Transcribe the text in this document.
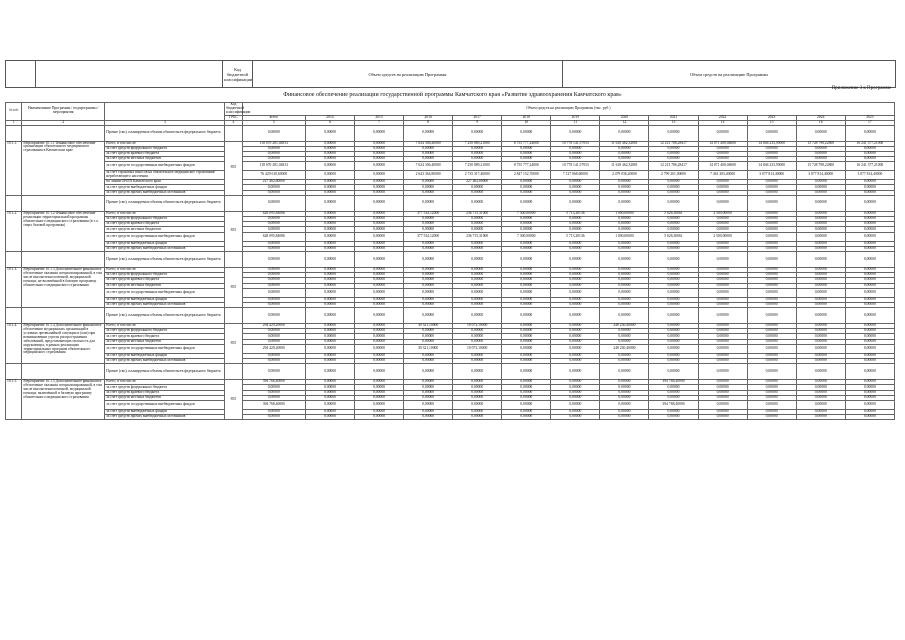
		Код бюджетной классификации	Объем средств на реализацию Программы	Объем средств на реализацию Программы
Приложение 3 к Программе
Финансовое обеспечение реализации государственной программы Камчатского края «Развитие здравоохранения Камчатского края»
№ п/п	Наименование Программы / подпрограммы / мероприятия		Код бюджетной классификации	Объем средств на реализацию Программы (тыс. руб.)												
			ГРБС	всего	2014	2015	2016	2017	2018	2019	2020	2021	2022	2023	2024	2025
1	2	3	4	5	6	7	8	9	10	11	12	13	14	15	16	17
		Прочие (сво), планируемые объемы обязательств федерального бюджета		0,00000	0,00000	0,00000	0,00000	0,00000	0,00000	0,00000	0,00000	0,00000	0,00000	0,00000	0,00000	0,00000
10.1.1.	Мероприятие 10.1.1 Финансовое обеспечение организации обязательного медицинского страхования в Камчатском крае	Всего, в том числе:	855	118 070 281,04813	0,00000	0,00000	7 624 306,40000	7 250 889,21000	8 755 777,24000	10 778 141,57933	11 618 462,32881	12 213 786,28417	14 071 400,04000	14 846 233,59000	15 728 798,22800	16 241 377,21000
		за счет средств федерального бюджета		0,00000	0,00000	0,00000	0,00000	0,00000	0,00000	0,00000	0,00000	0,00000	0,00000	0,00000	0,00000	0,00000
		за счет средств краевого бюджета		0,00000	0,00000	0,00000	0,00000	0,00000	0,00000	0,00000	0,00000	0,00000	0,00000	0,00000	0,00000	0,00000
		за счет средств местных бюджетов		0,00000	0,00000	0,00000	0,00000	0,00000	0,00000	0,00000	0,00000	0,00000	0,00000	0,00000	0,00000	0,00000
		за счет средств государственных внебюджетных фондов		118 070 281,04813	0,00000	0,00000	7 624 306,40000	7 250 889,21000	8 755 777,24000	10 778 141,57933	11 618 462,32881	12 213 786,28417	14 071 400,04000	14 846 233,59000	15 728 798,22800	16 241 377,21000
		за счет страховых взносов на обязательное медицинское страхование неработающего населения		76 429 618,60000	0,00000	0,00000	2 643 364,80000	2 735 317,40000	2 847 152,70000	7 127 068,60000	2 479 036,20000	2 799 201,00000	7 461 203,40000	3 077 814,40000	3 077 814,40000	3 077 814,40000
		по линии ОНЛП Камчатского края		227 462,60000	0,00000	0,00000	0,00000	227 462,60000	0,00000	0,00000	0,00000	0,00000	0,00000	0,00000	0,00000	0,00000
		за счет средств внебюджетных фондов		0,00000	0,00000	0,00000	0,00000	0,00000	0,00000	0,00000	0,00000	0,00000	0,00000	0,00000	0,00000	0,00000
		за счет средств прочих внебюджетных источников		0,00000	0,00000	0,00000	0,00000	0,00000	0,00000	0,00000	0,00000	0,00000	0,00000	0,00000	0,00000	0,00000
		Прочие (сво), планируемые объемы обязательств федерального бюджета		0,00000	0,00000	0,00000	0,00000	0,00000	0,00000	0,00000	0,00000	0,00000	0,00000	0,00000	0,00000	0,00000
10.1.2.	Мероприятие 10.1.2 Финансовое обеспечение реализации территориальной программы обязательного медицинского страхования (в т.ч. сверх базовой программы)	Всего, в том числе:	855	628 095,84086	0,00000	0,00000	377 534,12000	236 715,31000	7 300,00000	5 713,28136	1 000,00000	5 626,30061	2 500,00000	0,00000	0,00000	0,00000
		за счет средств федерального бюджета		0,00000	0,00000	0,00000	0,00000	0,00000	0,00000	0,00000	0,00000	0,00000	0,00000	0,00000	0,00000	0,00000
		за счет средств краевого бюджета		0,00000	0,00000	0,00000	0,00000	0,00000	0,00000	0,00000	0,00000	0,00000	0,00000	0,00000	0,00000	0,00000
		за счет средств местных бюджетов		0,00000	0,00000	0,00000	0,00000	0,00000	0,00000	0,00000	0,00000	0,00000	0,00000	0,00000	0,00000	0,00000
		за счет средств государственных внебюджетных фондов		628 095,84086	0,00000	0,00000	377 534,12000	236 715,31000	7 300,00000	5 713,28136	1 000,00000	5 626,30061	2 500,00000	0,00000	0,00000	0,00000
		за счет средств внебюджетных фондов		0,00000	0,00000	0,00000	0,00000	0,00000	0,00000	0,00000	0,00000	0,00000	0,00000	0,00000	0,00000	0,00000
		за счет средств прочих внебюджетных источников		0,00000	0,00000	0,00000	0,00000	0,00000	0,00000	0,00000	0,00000	0,00000	0,00000	0,00000	0,00000	0,00000
		Прочие (сво), планируемые объемы обязательств федерального бюджета		0,00000	0,00000	0,00000	0,00000	0,00000	0,00000	0,00000	0,00000	0,00000	0,00000	0,00000	0,00000	0,00000
10.1.3.	Мероприятие 10.1.3 Дополнительное финансовое обеспечение оказания специализированной, в том числе высокотехнологичной, медицинской помощи, не включённой в базовую программу обязательного медицинского страхования	Всего, в том числе:	855	0,00000	0,00000	0,00000	0,00000	0,00000	0,00000	0,00000	0,00000	0,00000	0,00000	0,00000	0,00000	0,00000
		за счет средств федерального бюджета		0,00000	0,00000	0,00000	0,00000	0,00000	0,00000	0,00000	0,00000	0,00000	0,00000	0,00000	0,00000	0,00000
		за счет средств краевого бюджета		0,00000	0,00000	0,00000	0,00000	0,00000	0,00000	0,00000	0,00000	0,00000	0,00000	0,00000	0,00000	0,00000
		за счет средств местных бюджетов		0,00000	0,00000	0,00000	0,00000	0,00000	0,00000	0,00000	0,00000	0,00000	0,00000	0,00000	0,00000	0,00000
		за счет средств государственных внебюджетных фондов		0,00000	0,00000	0,00000	0,00000	0,00000	0,00000	0,00000	0,00000	0,00000	0,00000	0,00000	0,00000	0,00000
		за счет средств внебюджетных фондов		0,00000	0,00000	0,00000	0,00000	0,00000	0,00000	0,00000	0,00000	0,00000	0,00000	0,00000	0,00000	0,00000
		за счет средств прочих внебюджетных источников		0,00000	0,00000	0,00000	0,00000	0,00000	0,00000	0,00000	0,00000	0,00000	0,00000	0,00000	0,00000	0,00000
		Прочие (сво), планируемые объемы обязательств федерального бюджета		0,00000	0,00000	0,00000	0,00000	0,00000	0,00000	0,00000	0,00000	0,00000	0,00000	0,00000	0,00000	0,00000
10.1.4.	Мероприятие 10.1.4 Дополнительное финансовое обеспечение медицинских организаций в условиях чрезвычайной ситуации и (или) при возникновении угрозы распространения заболеваний, представляющих опасность для окружающих, в рамках реализации территориальных программ обязательного медицинского страхования	Всего, в том числе:	855	294 429,20000	0,00000	0,00000	30 321,10000	10 073,10000	0,00000	0,00000	248 230,40000	0,00000	0,00000	0,00000	0,00000	0,00000
		за счет средств федерального бюджета		0,00000	0,00000	0,00000	0,00000	0,00000	0,00000	0,00000	0,00000	0,00000	0,00000	0,00000	0,00000	0,00000
		за счет средств краевого бюджета		0,00000	0,00000	0,00000	0,00000	0,00000	0,00000	0,00000	0,00000	0,00000	0,00000	0,00000	0,00000	0,00000
		за счет средств местных бюджетов		0,00000	0,00000	0,00000	0,00000	0,00000	0,00000	0,00000	0,00000	0,00000	0,00000	0,00000	0,00000	0,00000
		за счет средств государственных внебюджетных фондов		294 429,20000	0,00000	0,00000	30 321,10000	10 073,10000	0,00000	0,00000	248 230,40000	0,00000	0,00000	0,00000	0,00000	0,00000
		за счет средств внебюджетных фондов		0,00000	0,00000	0,00000	0,00000	0,00000	0,00000	0,00000	0,00000	0,00000	0,00000	0,00000	0,00000	0,00000
		за счет средств прочих внебюджетных источников		0,00000	0,00000	0,00000	0,00000	0,00000	0,00000	0,00000	0,00000	0,00000	0,00000	0,00000	0,00000	0,00000
		Прочие (сво), планируемые объемы обязательств федерального бюджета		0,00000	0,00000	0,00000	0,00000	0,00000	0,00000	0,00000	0,00000	0,00000	0,00000	0,00000	0,00000	0,00000
10.1.5.	Мероприятие 10.1.5 Дополнительное финансовое обеспечение оказания специализированной, в том числе высокотехнологичной, медицинской помощи, включённой в базовую программу обязательного медицинского страхования	Всего, в том числе:	855	394 768,40000	0,00000	0,00000	0,00000	0,00000	0,00000	0,00000	0,00000	394 768,40000	0,00000	0,00000	0,00000	0,00000
		за счет средств федерального бюджета		0,00000	0,00000	0,00000	0,00000	0,00000	0,00000	0,00000	0,00000	0,00000	0,00000	0,00000	0,00000	0,00000
		за счет средств краевого бюджета		0,00000	0,00000	0,00000	0,00000	0,00000	0,00000	0,00000	0,00000	0,00000	0,00000	0,00000	0,00000	0,00000
		за счет средств местных бюджетов		0,00000	0,00000	0,00000	0,00000	0,00000	0,00000	0,00000	0,00000	0,00000	0,00000	0,00000	0,00000	0,00000
		за счет средств государственных внебюджетных фондов		394 768,40000	0,00000	0,00000	0,00000	0,00000	0,00000	0,00000	0,00000	394 768,40000	0,00000	0,00000	0,00000	0,00000
		за счет средств внебюджетных фондов		0,00000	0,00000	0,00000	0,00000	0,00000	0,00000	0,00000	0,00000	0,00000	0,00000	0,00000	0,00000	0,00000
		за счет средств прочих внебюджетных источников		0,00000	0,00000	0,00000	0,00000	0,00000	0,00000	0,00000	0,00000	0,00000	0,00000	0,00000	0,00000	0,00000
